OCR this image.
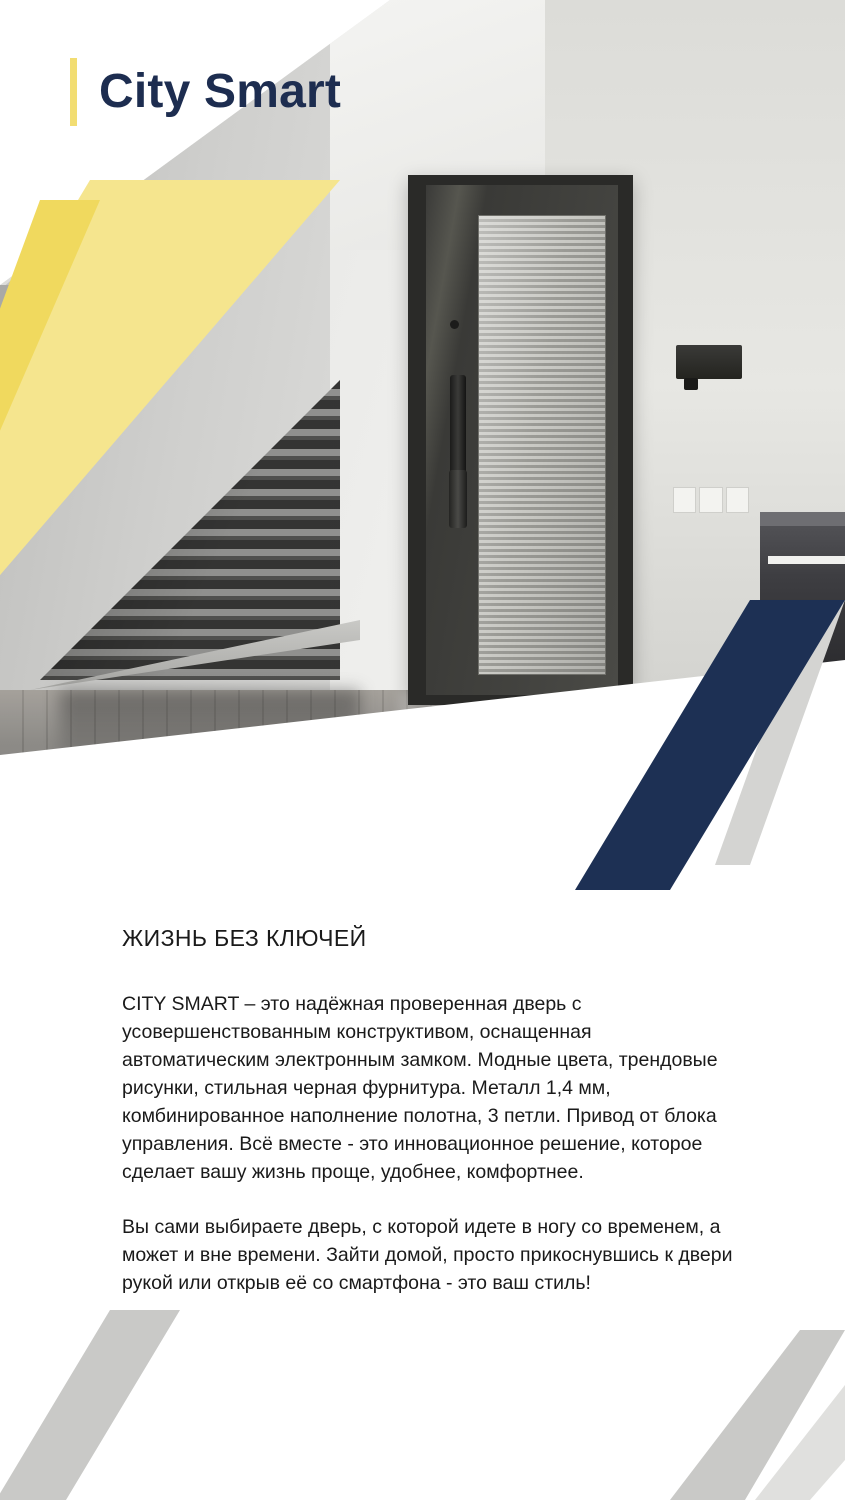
City Smart
ЖИЗНЬ БЕЗ КЛЮЧЕЙ

CITY SMART – это надёжная проверенная дверь с усовершенствованным конструктивом, оснащенная автоматическим электронным замком. Модные цвета, трендовые рисунки, стильная черная фурнитура. Металл 1,4 мм, комбинированное наполнение полотна, 3 петли. Привод от блока управления. Всё вместе - это инновационное решение, которое сделает вашу жизнь проще, удобнее, комфортнее.

Вы сами выбираете дверь, с которой идете в ногу со временем, а может и вне времени. Зайти домой, просто прикоснувшись к двери рукой или открыв её со смартфона - это ваш стиль!
